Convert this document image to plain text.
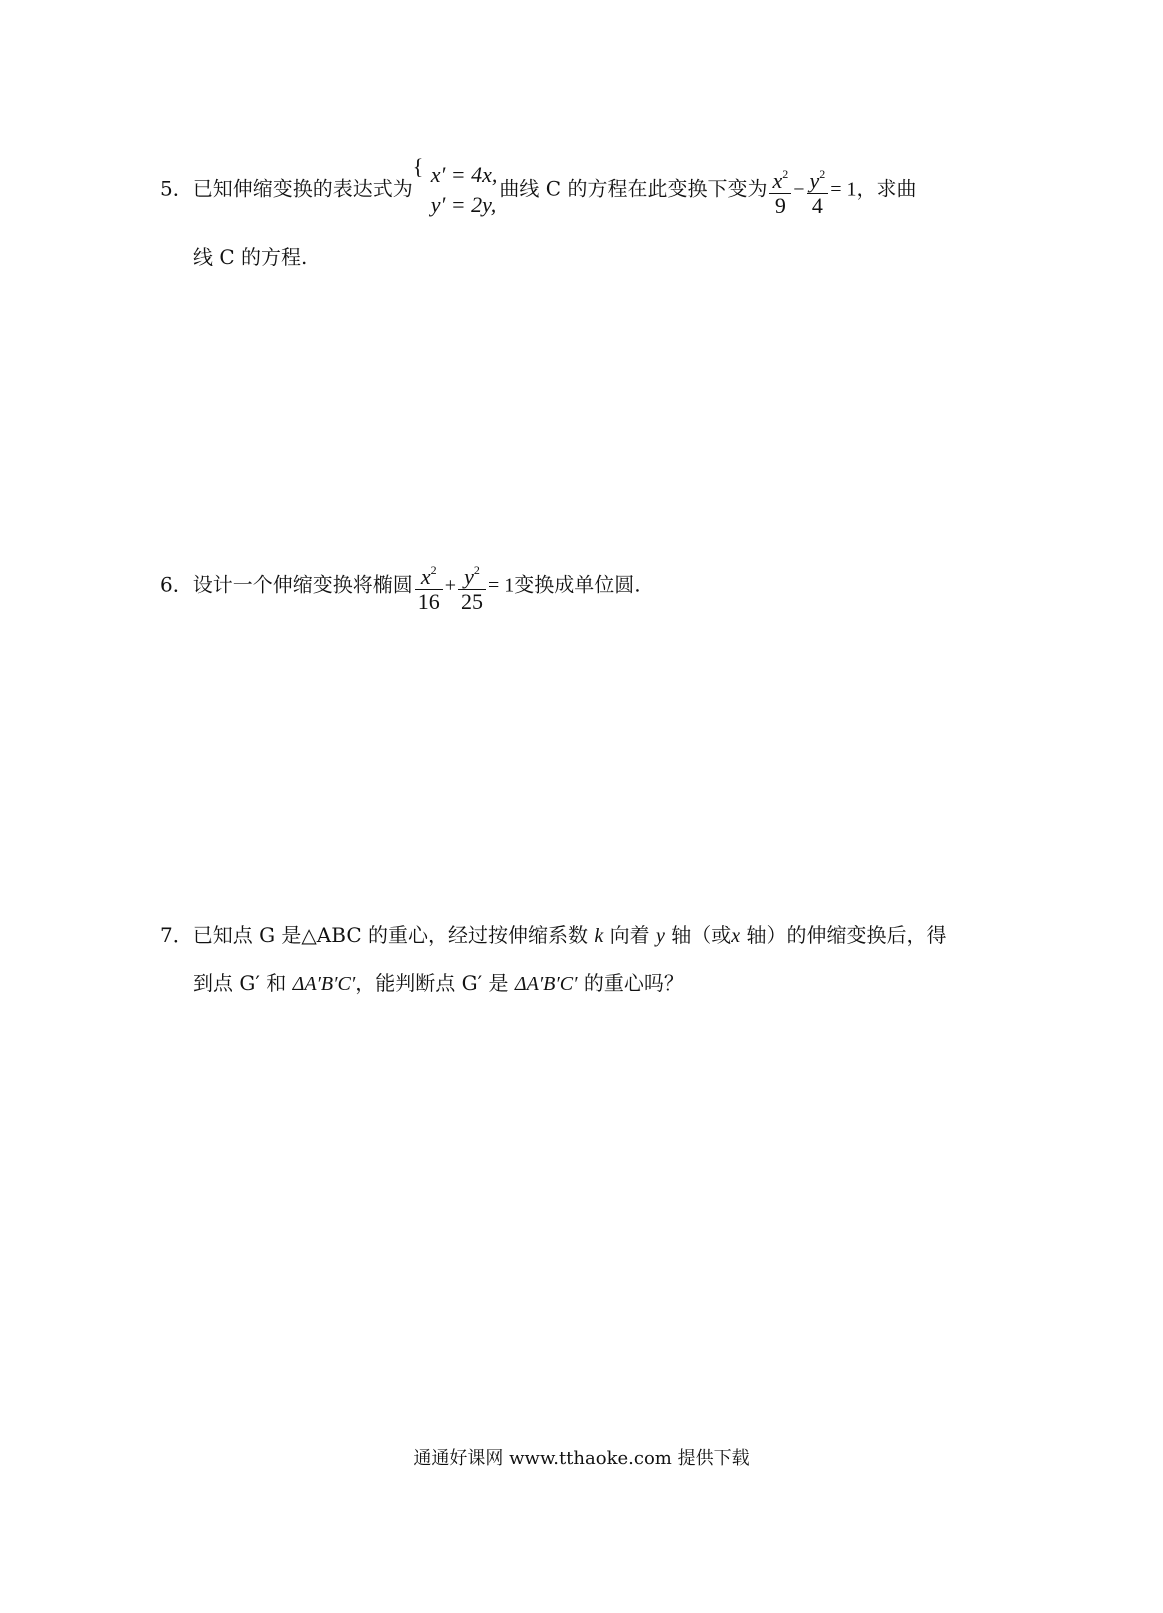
5．已知伸缩变换的表达式为
{ x′ = 4x,
y′ = 2y,
曲线 C 的方程在此变换下变为 $\frac{x^2}{9} - \frac{y^2}{4} = 1$，求曲
线 C 的方程.
6．设计一个伸缩变换将椭圆 $\frac{x^2}{16} + \frac{y^2}{25} = 1$变换成单位圆.
7．已知点 G 是△ABC 的重心，经过按伸缩系数 k 向着 y 轴（或x 轴）的伸缩变换后，得
到点 G′ 和 ΔA′B′C′，能判断点 G′ 是 ΔA′B′C′ 的重心吗？
通通好课网 www.tthaoke.com 提供下载
